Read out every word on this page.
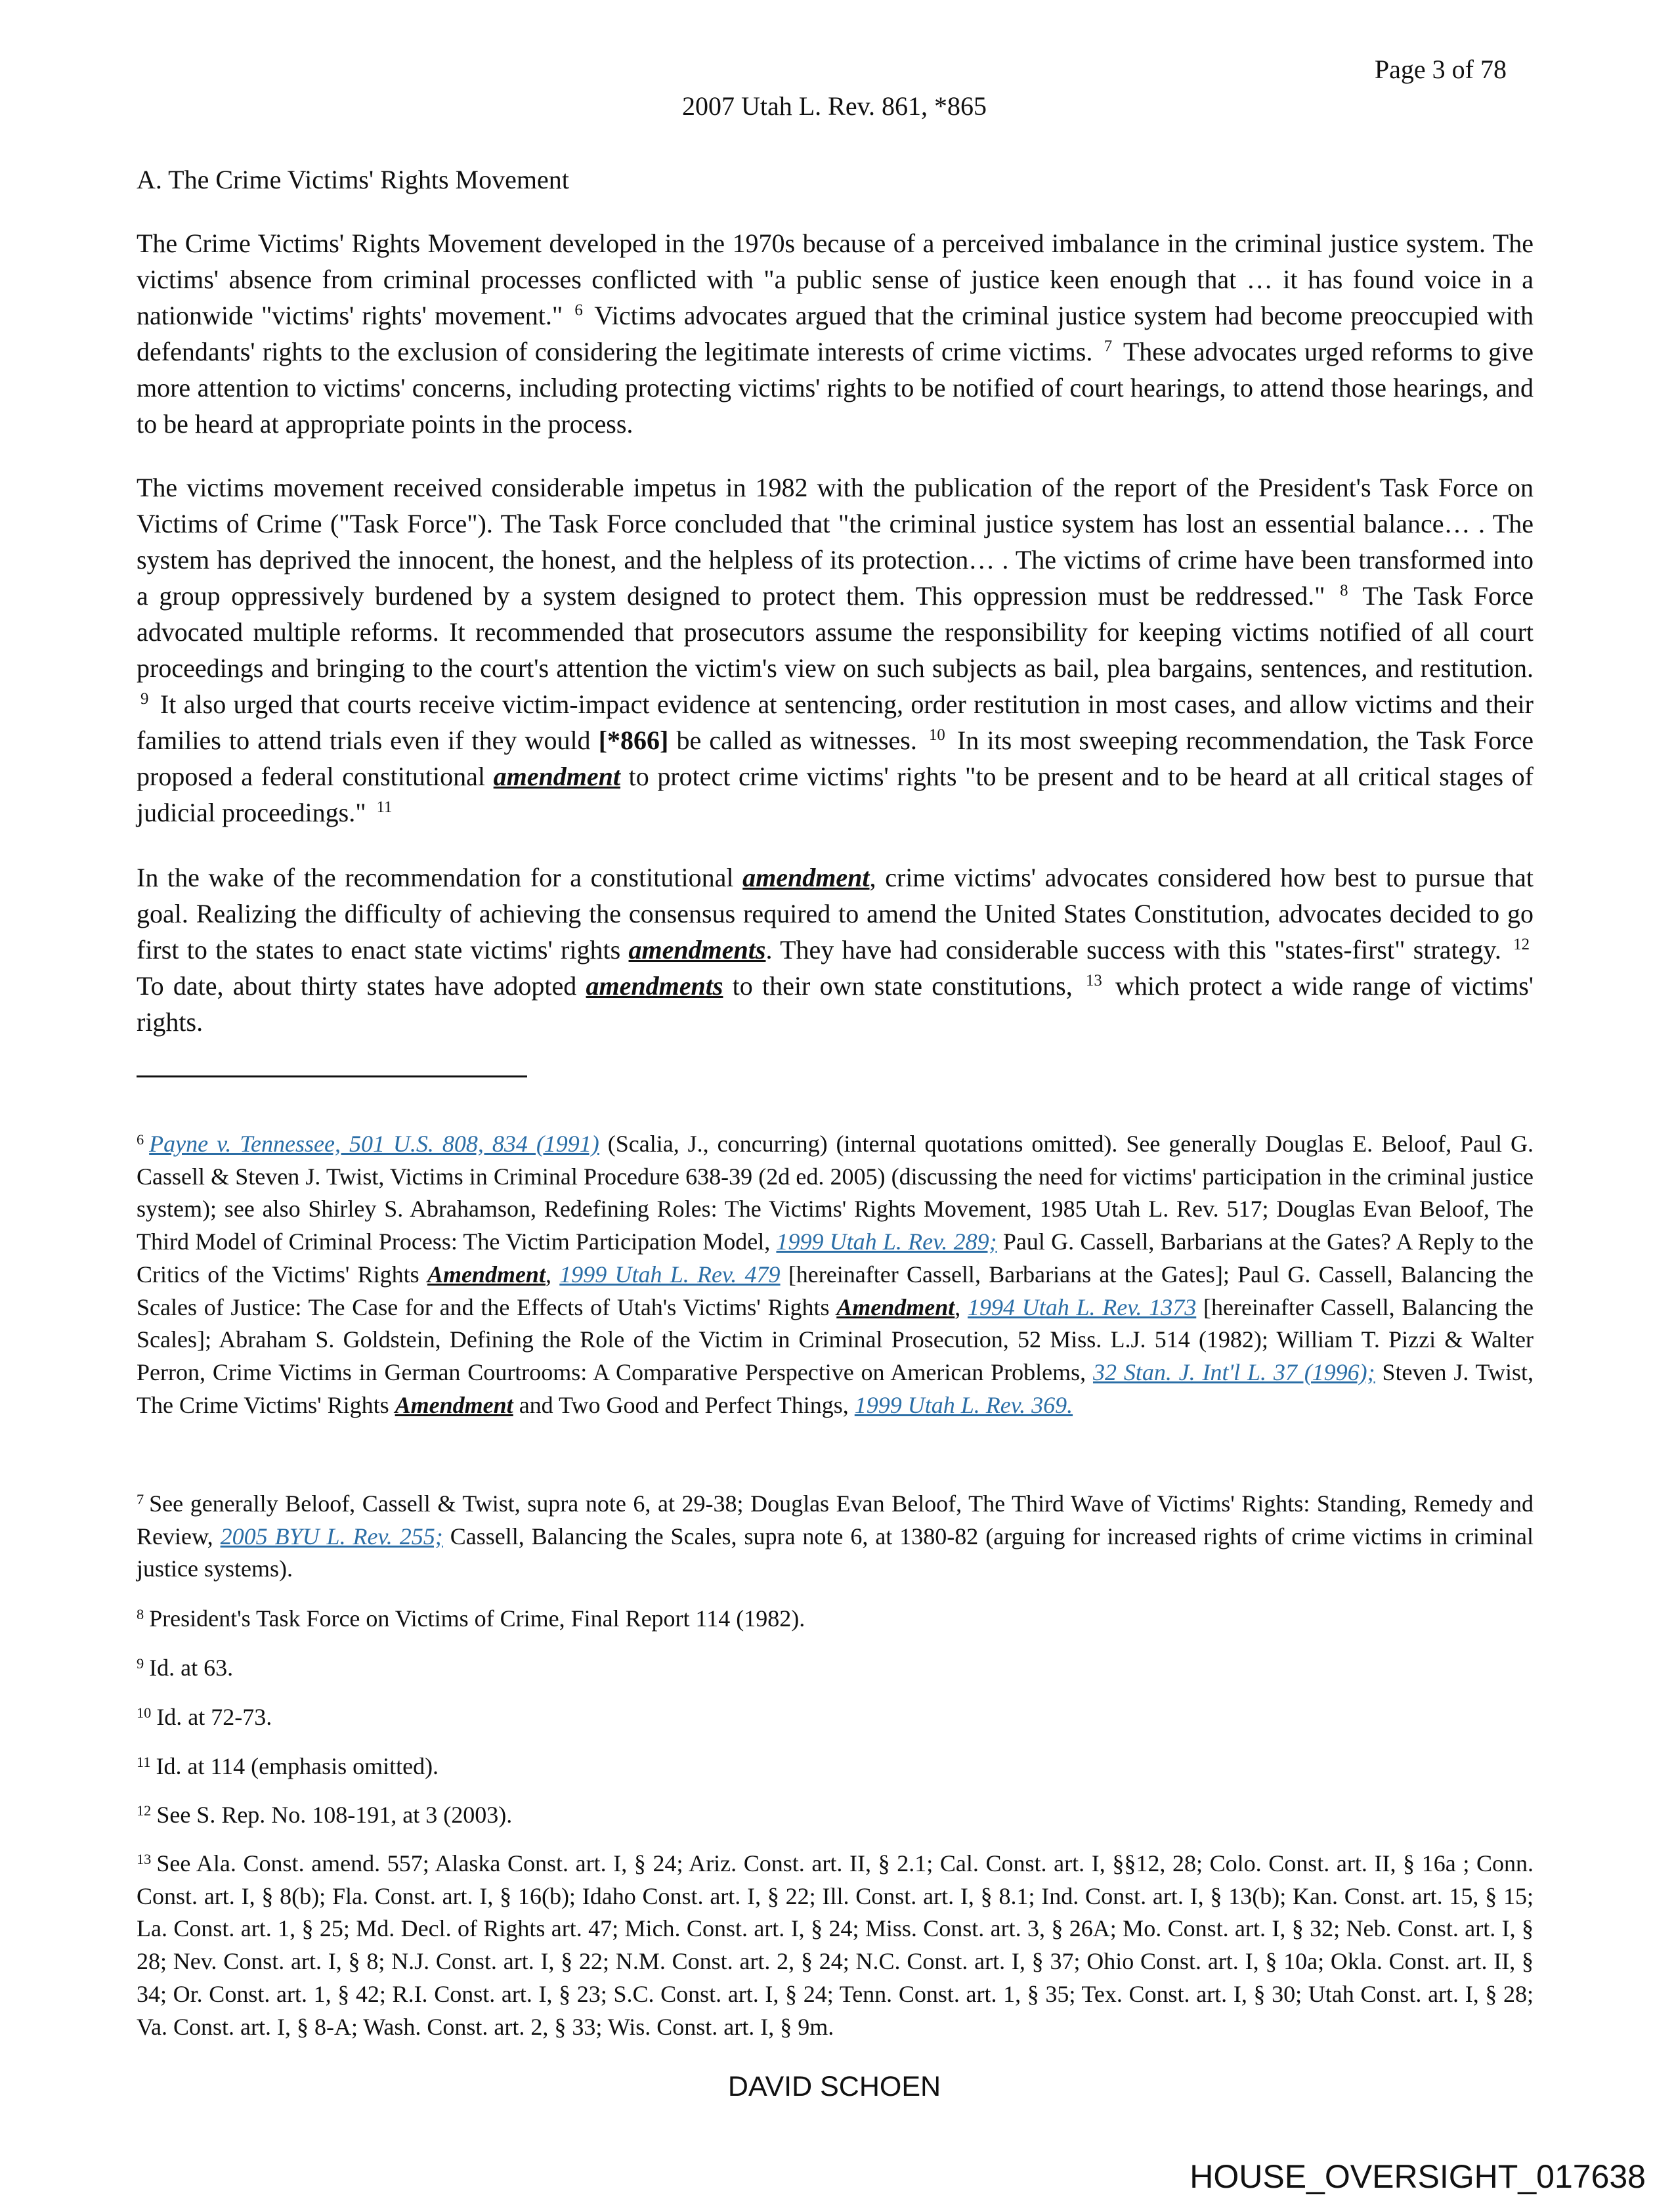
Page 3 of 78
2007 Utah L. Rev. 861, *865
A. The Crime Victims' Rights Movement
The Crime Victims' Rights Movement developed in the 1970s because of a perceived imbalance in the criminal justice system. The victims' absence from criminal processes conflicted with "a public sense of justice keen enough that … it has found voice in a nationwide "victims' rights' movement." $^6$ Victims advocates argued that the criminal justice system had become preoccupied with defendants' rights to the exclusion of considering the legitimate interests of crime victims. $^7$ These advocates urged reforms to give more attention to victims' concerns, including protecting victims' rights to be notified of court hearings, to attend those hearings, and to be heard at appropriate points in the process.
The victims movement received considerable impetus in 1982 with the publication of the report of the President's Task Force on Victims of Crime ("Task Force"). The Task Force concluded that "the criminal justice system has lost an essential balance… . The system has deprived the innocent, the honest, and the helpless of its protection… . The victims of crime have been transformed into a group oppressively burdened by a system designed to protect them. This oppression must be reddressed." $^8$ The Task Force advocated multiple reforms. It recommended that prosecutors assume the responsibility for keeping victims notified of all court proceedings and bringing to the court's attention the victim's view on such subjects as bail, plea bargains, sentences, and restitution. $^9$ It also urged that courts receive victim-impact evidence at sentencing, order restitution in most cases, and allow victims and their families to attend trials even if they would [*866] be called as witnesses. $^{10}$ In its most sweeping recommendation, the Task Force proposed a federal constitutional amendment to protect crime victims' rights "to be present and to be heard at all critical stages of judicial proceedings." $^{11}$
In the wake of the recommendation for a constitutional amendment, crime victims' advocates considered how best to pursue that goal. Realizing the difficulty of achieving the consensus required to amend the United States Constitution, advocates decided to go first to the states to enact state victims' rights amendments. They have had considerable success with this "states-first" strategy. $^{12}$ To date, about thirty states have adopted amendments to their own state constitutions, $^{13}$ which protect a wide range of victims' rights.
$^6$ Payne v. Tennessee, 501 U.S. 808, 834 (1991) (Scalia, J., concurring) (internal quotations omitted). See generally Douglas E. Beloof, Paul G. Cassell & Steven J. Twist, Victims in Criminal Procedure 638-39 (2d ed. 2005) (discussing the need for victims' participation in the criminal justice system); see also Shirley S. Abrahamson, Redefining Roles: The Victims' Rights Movement, 1985 Utah L. Rev. 517; Douglas Evan Beloof, The Third Model of Criminal Process: The Victim Participation Model, 1999 Utah L. Rev. 289; Paul G. Cassell, Barbarians at the Gates? A Reply to the Critics of the Victims' Rights Amendment, 1999 Utah L. Rev. 479 [hereinafter Cassell, Barbarians at the Gates]; Paul G. Cassell, Balancing the Scales of Justice: The Case for and the Effects of Utah's Victims' Rights Amendment, 1994 Utah L. Rev. 1373 [hereinafter Cassell, Balancing the Scales]; Abraham S. Goldstein, Defining the Role of the Victim in Criminal Prosecution, 52 Miss. L.J. 514 (1982); William T. Pizzi & Walter Perron, Crime Victims in German Courtrooms: A Comparative Perspective on American Problems, 32 Stan. J. Int'l L. 37 (1996); Steven J. Twist, The Crime Victims' Rights Amendment and Two Good and Perfect Things, 1999 Utah L. Rev. 369.
$^7$ See generally Beloof, Cassell & Twist, supra note 6, at 29-38; Douglas Evan Beloof, The Third Wave of Victims' Rights: Standing, Remedy and Review, 2005 BYU L. Rev. 255; Cassell, Balancing the Scales, supra note 6, at 1380-82 (arguing for increased rights of crime victims in criminal justice systems).
$^8$ President's Task Force on Victims of Crime, Final Report 114 (1982).
$^9$ Id. at 63.
$^{10}$ Id. at 72-73.
$^{11}$ Id. at 114 (emphasis omitted).
$^{12}$ See S. Rep. No. 108-191, at 3 (2003).
$^{13}$ See Ala. Const. amend. 557; Alaska Const. art. I, § 24; Ariz. Const. art. II, § 2.1; Cal. Const. art. I, §§12, 28; Colo. Const. art. II, § 16a ; Conn. Const. art. I, § 8(b); Fla. Const. art. I, § 16(b); Idaho Const. art. I, § 22; Ill. Const. art. I, § 8.1; Ind. Const. art. I, § 13(b); Kan. Const. art. 15, § 15; La. Const. art. 1, § 25; Md. Decl. of Rights art. 47; Mich. Const. art. I, § 24; Miss. Const. art. 3, § 26A; Mo. Const. art. I, § 32; Neb. Const. art. I, § 28; Nev. Const. art. I, § 8; N.J. Const. art. I, § 22; N.M. Const. art. 2, § 24; N.C. Const. art. I, § 37; Ohio Const. art. I, § 10a; Okla. Const. art. II, § 34; Or. Const. art. 1, § 42; R.I. Const. art. I, § 23; S.C. Const. art. I, § 24; Tenn. Const. art. 1, § 35; Tex. Const. art. I, § 30; Utah Const. art. I, § 28; Va. Const. art. I, § 8-A; Wash. Const. art. 2, § 33; Wis. Const. art. I, § 9m.
DAVID SCHOEN
HOUSE_OVERSIGHT_017638
